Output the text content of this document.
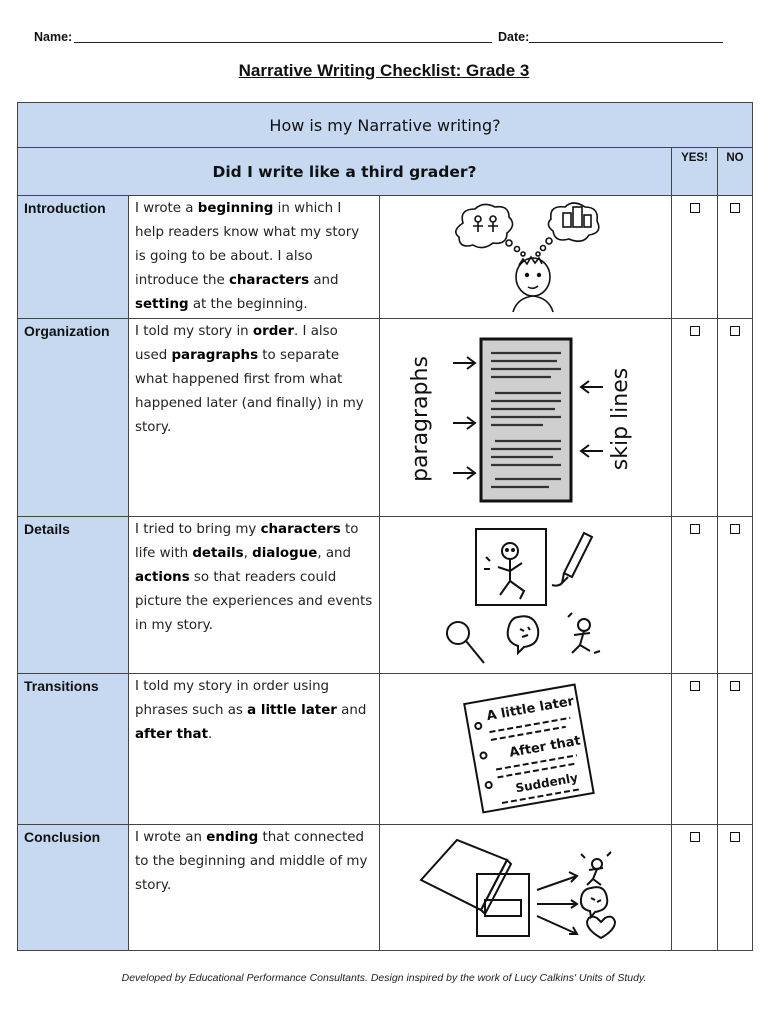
Name:	Date:
Narrative Writing Checklist: Grade 3
How is my Narrative writing?				
Did I write like a third grader?			YES!	NO
Introduction	I wrote a beginning in which I help readers know what my story is going to be about. I also introduce the characters and setting at the beginning.	

Organization	I told my story in order. I also used paragraphs to separate what happened first from what happened later (and finally) in my story.	paragraphs skip lines		

Details	I tried to bring my characters to life with details, dialogue, and actions so that readers could picture the experiences and events in my story.	

Transitions	I told my story in order using phrases such as a little later and after that.	A little later
After that
Suddenly		

Conclusion	I wrote an ending that connected to the beginning and middle of my story.	

Developed by Educational Performance Consultants. Design inspired by the work of Lucy Calkins' Units of Study.
